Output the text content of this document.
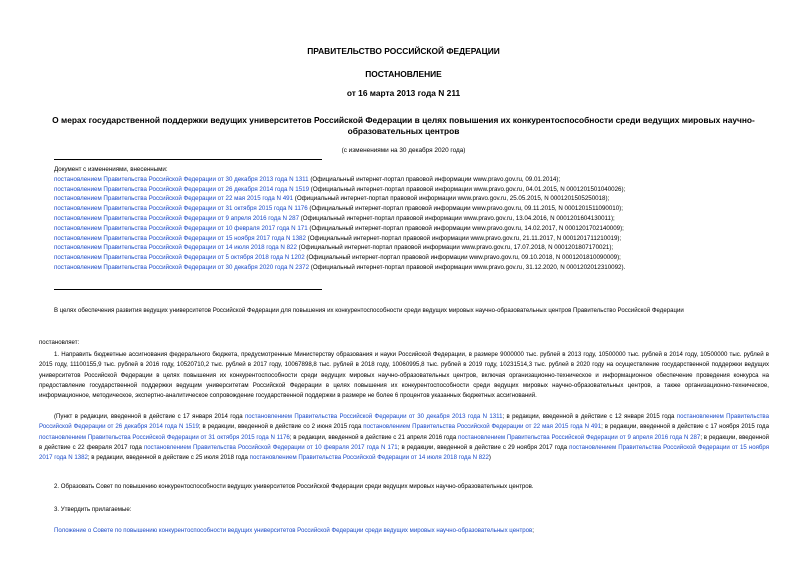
ПРАВИТЕЛЬСТВО РОССИЙСКОЙ ФЕДЕРАЦИИ
ПОСТАНОВЛЕНИЕ
от 16 марта 2013 года N 211
О мерах государственной поддержки ведущих университетов Российской Федерации в целях повышения их конкурентоспособности среди ведущих мировых научно-образовательных центров
(с изменениями на 30 декабря 2020 года)
Документ с изменениями, внесенными:
постановлением Правительства Российской Федерации от 30 декабря 2013 года N 1311 (Официальный интернет-портал правовой информации www.pravo.gov.ru, 09.01.2014);
постановлением Правительства Российской Федерации от 26 декабря 2014 года N 1519 (Официальный интернет-портал правовой информации www.pravo.gov.ru, 04.01.2015, N 0001201501040026);
постановлением Правительства Российской Федерации от 22 мая 2015 года N 491 (Официальный интернет-портал правовой информации www.pravo.gov.ru, 25.05.2015, N 0001201505250018);
постановлением Правительства Российской Федерации от 31 октября 2015 года N 1176 (Официальный интернет-портал правовой информации www.pravo.gov.ru, 09.11.2015, N 0001201511090010);
постановлением Правительства Российской Федерации от 9 апреля 2016 года N 287 (Официальный интернет-портал правовой информации www.pravo.gov.ru, 13.04.2016, N 0001201604130011);
постановлением Правительства Российской Федерации от 10 февраля 2017 года N 171 (Официальный интернет-портал правовой информации www.pravo.gov.ru, 14.02.2017, N 0001201702140009);
постановлением Правительства Российской Федерации от 15 ноября 2017 года N 1382 (Официальный интернет-портал правовой информации www.pravo.gov.ru, 21.11.2017, N 0001201711210019);
постановлением Правительства Российской Федерации от 14 июля 2018 года N 822 (Официальный интернет-портал правовой информации www.pravo.gov.ru, 17.07.2018, N 0001201807170021);
постановлением Правительства Российской Федерации от 5 октября 2018 года N 1202 (Официальный интернет-портал правовой информации www.pravo.gov.ru, 09.10.2018, N 0001201810090009);
постановлением Правительства Российской Федерации от 30 декабря 2020 года N 2372 (Официальный интернет-портал правовой информации www.pravo.gov.ru, 31.12.2020, N 0001202012310092).

В целях обеспечения развития ведущих университетов Российской Федерации для повышения их конкурентоспособности среди ведущих мировых научно-образовательных центров Правительство Российской Федерации

постановляет:

1. Направить бюджетные ассигнования федерального бюджета, предусмотренные Министерству образования и науки Российской Федерации, в размере 9000000 тыс. рублей в 2013 году, 10500000 тыс. рублей в 2014 году, 10500000 тыс. рублей в 2015 году, 11100155,9 тыс. рублей в 2016 году, 10520710,2 тыс. рублей в 2017 году, 10067898,8 тыс. рублей в 2018 году, 10060995,8 тыс. рублей в 2019 году, 10231514,3 тыс. рублей в 2020 году на осуществление государственной поддержки ведущих университетов Российской Федерации в целях повышения их конкурентоспособности среди ведущих мировых научно-образовательных центров, включая организационно-техническое и информационное обеспечение проведения конкурса на предоставление государственной поддержки ведущим университетам Российской Федерации в целях повышения их конкурентоспособности среди ведущих мировых научно-образовательных центров, а также организационно-техническое, информационное, методическое, экспертно-аналитическое сопровождение государственной поддержки в размере не более 6 процентов указанных бюджетных ассигнований.

(Пункт в редакции, введенной в действие с 17 января 2014 года постановлением Правительства Российской Федерации от 30 декабря 2013 года N 1311; в редакции, введенной в действие с 12 января 2015 года постановлением Правительства Российской Федерации от 26 декабря 2014 года N 1519; в редакции, введенной в действие со 2 июня 2015 года постановлением Правительства Российской Федерации от 22 мая 2015 года N 491; в редакции, введенной в действие с 17 ноября 2015 года постановлением Правительства Российской Федерации от 31 октября 2015 года N 1176; в редакции, введенной в действие с 21 апреля 2016 года постановлением Правительства Российской Федерации от 9 апреля 2016 года N 287; в редакции, введенной в действие с 22 февраля 2017 года постановлением Правительства Российской Федерации от 10 февраля 2017 года N 171; в редакции, введенной в действие с 29 ноября 2017 года постановлением Правительства Российской Федерации от 15 ноября 2017 года N 1382; в редакции, введенной в действие с 25 июля 2018 года постановлением Правительства Российской Федерации от 14 июля 2018 года N 822)

2. Образовать Совет по повышению конкурентоспособности ведущих университетов Российской Федерации среди ведущих мировых научно-образовательных центров.

3. Утвердить прилагаемые:

Положение о Совете по повышению конкурентоспособности ведущих университетов Российской Федерации среди ведущих мировых научно-образовательных центров;
